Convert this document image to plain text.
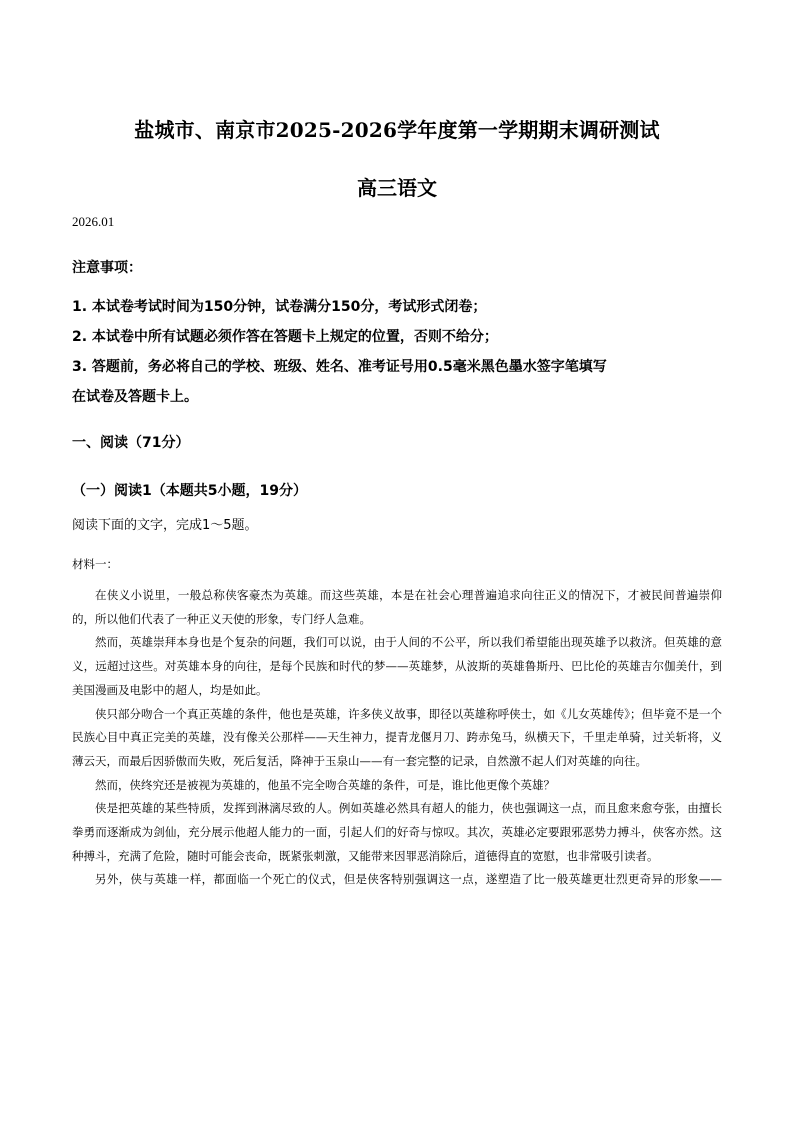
盐城市、南京市2025-2026学年度第一学期期末调研测试
高三语文
2026.01
注意事项：
1. 本试卷考试时间为150分钟，试卷满分150分，考试形式闭卷；
2. 本试卷中所有试题必须作答在答题卡上规定的位置，否则不给分；
3. 答题前，务必将自己的学校、班级、姓名、准考证号用0.5毫米黑色墨水签字笔填写
在试卷及答题卡上。
一、阅读（71分）
（一）阅读1（本题共5小题，19分）

阅读下面的文字，完成1～5题。

材料一：

在侠义小说里，一般总称侠客豪杰为英雄。而这些英雄，本是在社会心理普遍追求向往正义的情况下，才被民间普遍崇仰的，所以他们代表了一种正义天使的形象，专门纾人急难。

然而，英雄崇拜本身也是个复杂的问题，我们可以说，由于人间的不公平，所以我们希望能出现英雄予以救济。但英雄的意义，远超过这些。对英雄本身的向往，是每个民族和时代的梦——英雄梦，从波斯的英雄鲁斯丹、巴比伦的英雄吉尔伽美什，到美国漫画及电影中的超人，均是如此。

侠只部分吻合一个真正英雄的条件，他也是英雄，许多侠义故事，即径以英雄称呼侠士，如《儿女英雄传》；但毕竟不是一个民族心目中真正完美的英雄，没有像关公那样——天生神力，提青龙偃月刀、跨赤兔马，纵横天下，千里走单骑，过关斩将，义薄云天，而最后因骄傲而失败，死后复活，降神于玉泉山——有一套完整的记录，自然激不起人们对英雄的向往。

然而，侠终究还是被视为英雄的，他虽不完全吻合英雄的条件，可是，谁比他更像个英雄？

侠是把英雄的某些特质，发挥到淋漓尽致的人。例如英雄必然具有超人的能力，侠也强调这一点，而且愈来愈夸张，由擅长拳勇而逐渐成为剑仙，充分展示他超人能力的一面，引起人们的好奇与惊叹。其次，英雄必定要跟邪恶势力搏斗，侠客亦然。这种搏斗，充满了危险，随时可能会丧命，既紧张刺激，又能带来因罪恶消除后，道德得直的宽慰，也非常吸引读者。

另外，侠与英雄一样，都面临一个死亡的仪式，但是侠客特别强调这一点，遂塑造了比一般英雄更壮烈更奇异的形象——
